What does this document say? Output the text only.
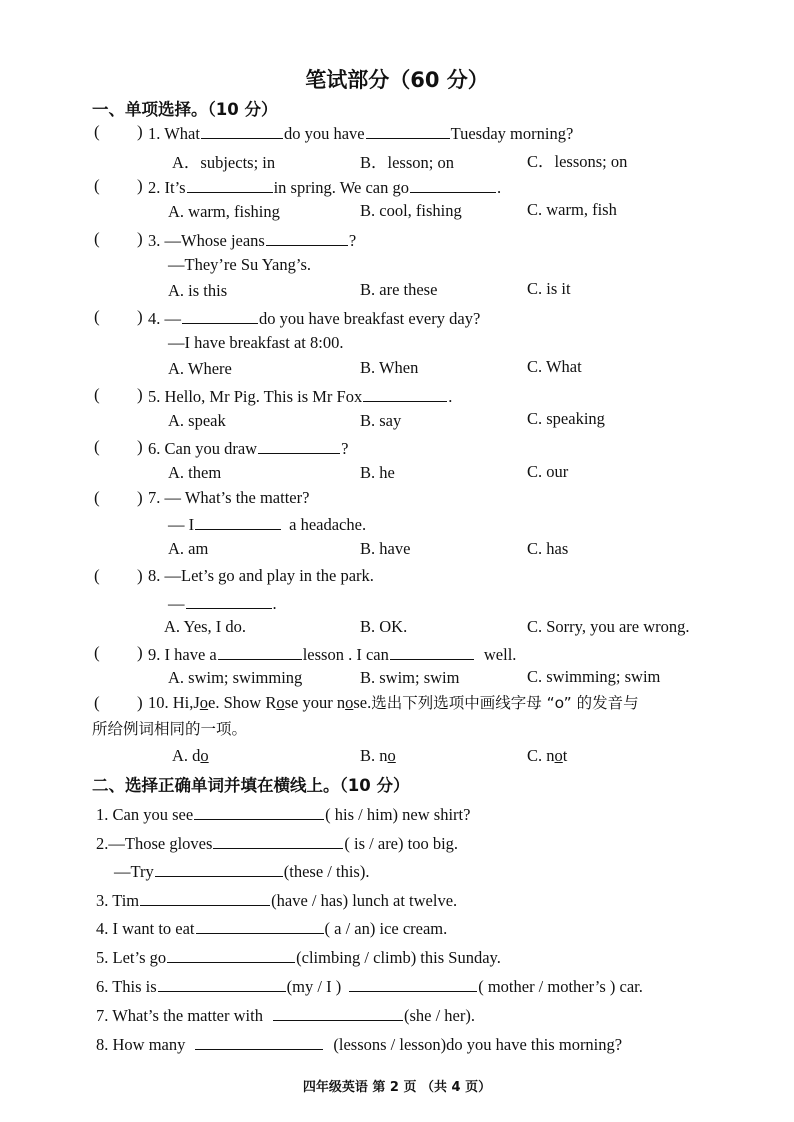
笔试部分（60 分）
一、单项选择。（10 分）
( ) 1. What	do you have	Tuesday morning?
A．subjects; in	B．lesson; on	C．lessons; on
( ) 2. It’s	in spring. We can go	.
A. warm, fishing	B. cool, fishing	C. warm, fish
( ) 3. —Whose jeans	?
—They’re Su Yang’s.
A. is this	B. are these	C. is it
( ) 4. —	do you have breakfast every day?
—I have breakfast at 8:00.
A. Where	B. When	C. What
( ) 5. Hello, Mr Pig. This is Mr Fox	.
A. speak	B. say	C. speaking
( ) 6. Can you draw	?
A. them	B. he	C. our
( ) 7. — What’s the matter?
— I	a headache.
A. am	B. have	C. has
( ) 8. —Let’s go and play in the park.
—	.
A. Yes, I do.	B. OK.	C. Sorry, you are wrong.
( ) 9. I have a	lesson . I can	well.
A. swim; swimming	B. swim; swim	C. swimming; swim
( ) 10. Hi,Joe. Show Rose your nose.选出下列选项中画线字母 “o” 的发音与
所给例词相同的一项。
A. do	B. no	C. not
二、选择正确单词并填在横线上。（10 分）
1. Can you see	( his / him) new shirt?
2.—Those gloves	( is / are) too big.
—Try	(these / this).
3. Tim	(have / has) lunch at twelve.
4. I want to eat	( a / an) ice cream.
5. Let’s go	(climbing / climb) this Sunday.
6. This is	(my / I )	( mother / mother’s ) car.
7. What’s the matter with	(she / her).
8. How many	(lessons / lesson)do you have this morning?
四年级英语 第 2 页 （共 4 页）
